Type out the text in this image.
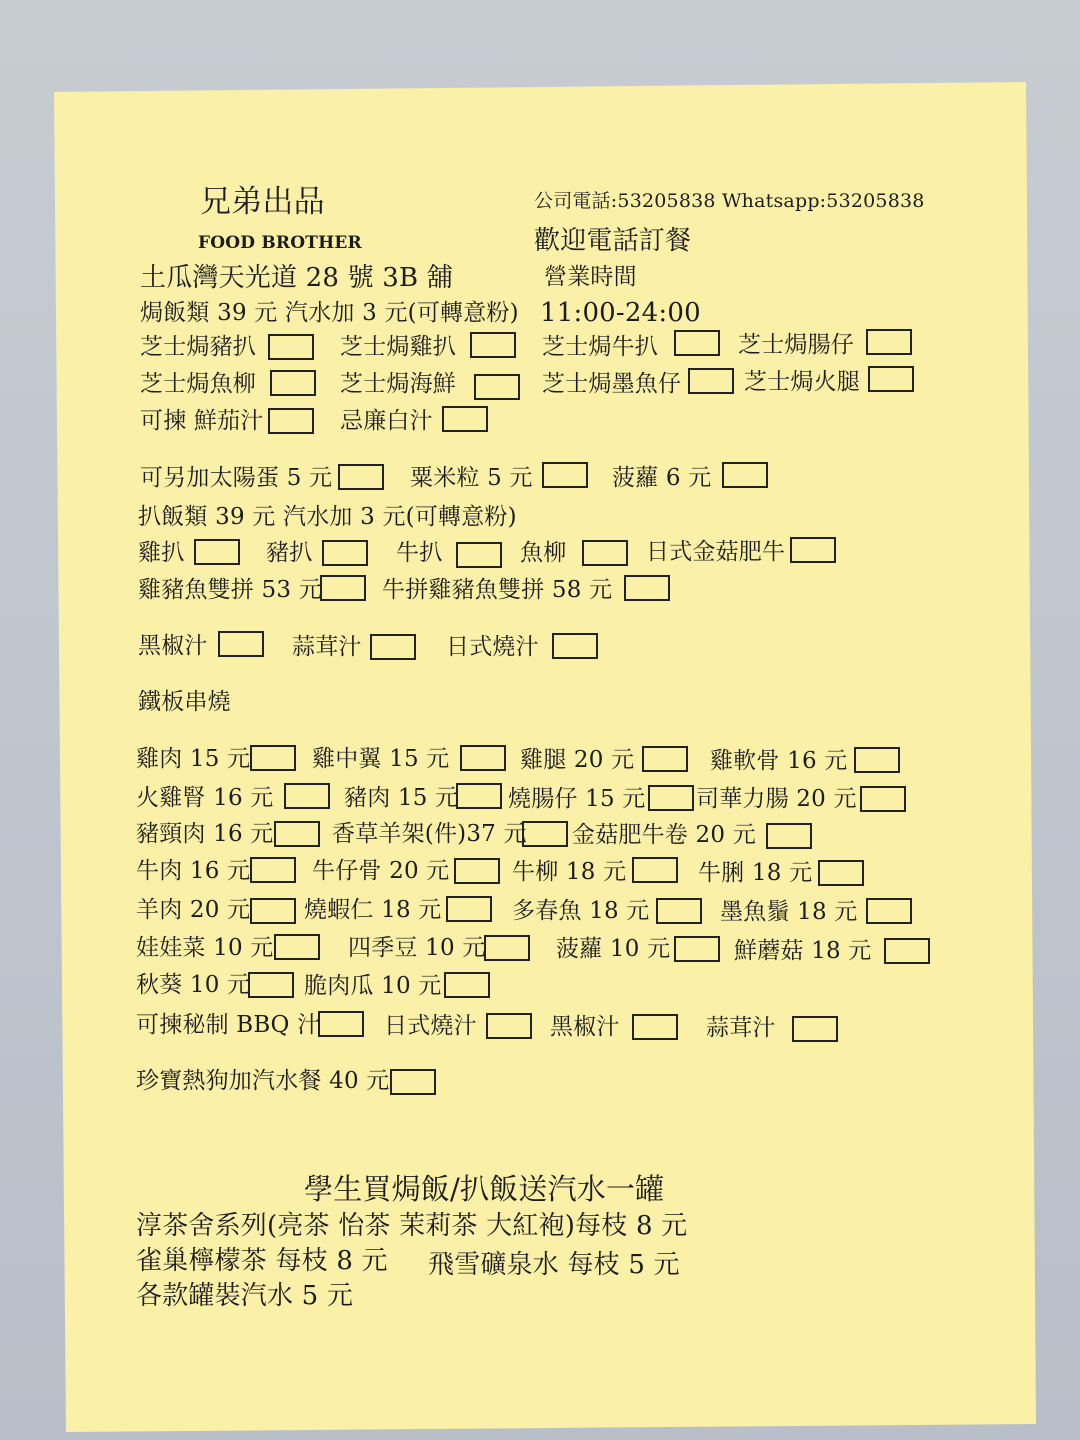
兄弟出品
FOOD BROTHER
公司電話:53205838 Whatsapp:53205838
歡迎電話訂餐
土瓜灣天光道 28 號 3B 舖	營業時間
11:00-24:00
焗飯類 39 元 汽水加 3 元(可轉意粉)
芝士焗豬扒	芝士焗雞扒	芝士焗牛扒	芝士焗腸仔
芝士焗魚柳	芝士焗海鮮	芝士焗墨魚仔	芝士焗火腿
可揀 鮮茄汁	忌廉白汁
可另加太陽蛋 5 元	粟米粒 5 元	菠蘿 6 元
扒飯類 39 元 汽水加 3 元(可轉意粉)
雞扒	豬扒	牛扒	魚柳	日式金菇肥牛
雞豬魚雙拼 53 元	牛拼雞豬魚雙拼 58 元
黑椒汁	蒜茸汁	日式燒汁
鐵板串燒
雞肉 15 元	雞中翼 15 元	雞腿 20 元	雞軟骨 16 元
火雞腎 16 元	豬肉 15 元 燒腸仔 15 元 司華力腸 20 元
豬頸肉 16 元	香草羊架(件)37 元 金菇肥牛卷 20 元
牛肉 16 元	牛仔骨 20 元	牛柳 18 元	牛脷 18 元
羊肉 20 元 燒蝦仁 18 元	多春魚 18 元	墨魚鬚 18 元
娃娃菜 10 元	四季豆 10 元	菠蘿 10 元	鮮蘑菇 18 元
秋葵 10 元 脆肉瓜 10 元
可揀秘制 BBQ 汁	日式燒汁	黑椒汁	蒜茸汁
珍寶熱狗加汽水餐 40 元
學生買焗飯/扒飯送汽水一罐
淳茶舍系列(亮茶 怡茶 茉莉茶 大紅袍)每枝 8 元
雀巢檸檬茶 每枝 8 元 飛雪礦泉水 每枝 5 元
各款罐裝汽水 5 元
